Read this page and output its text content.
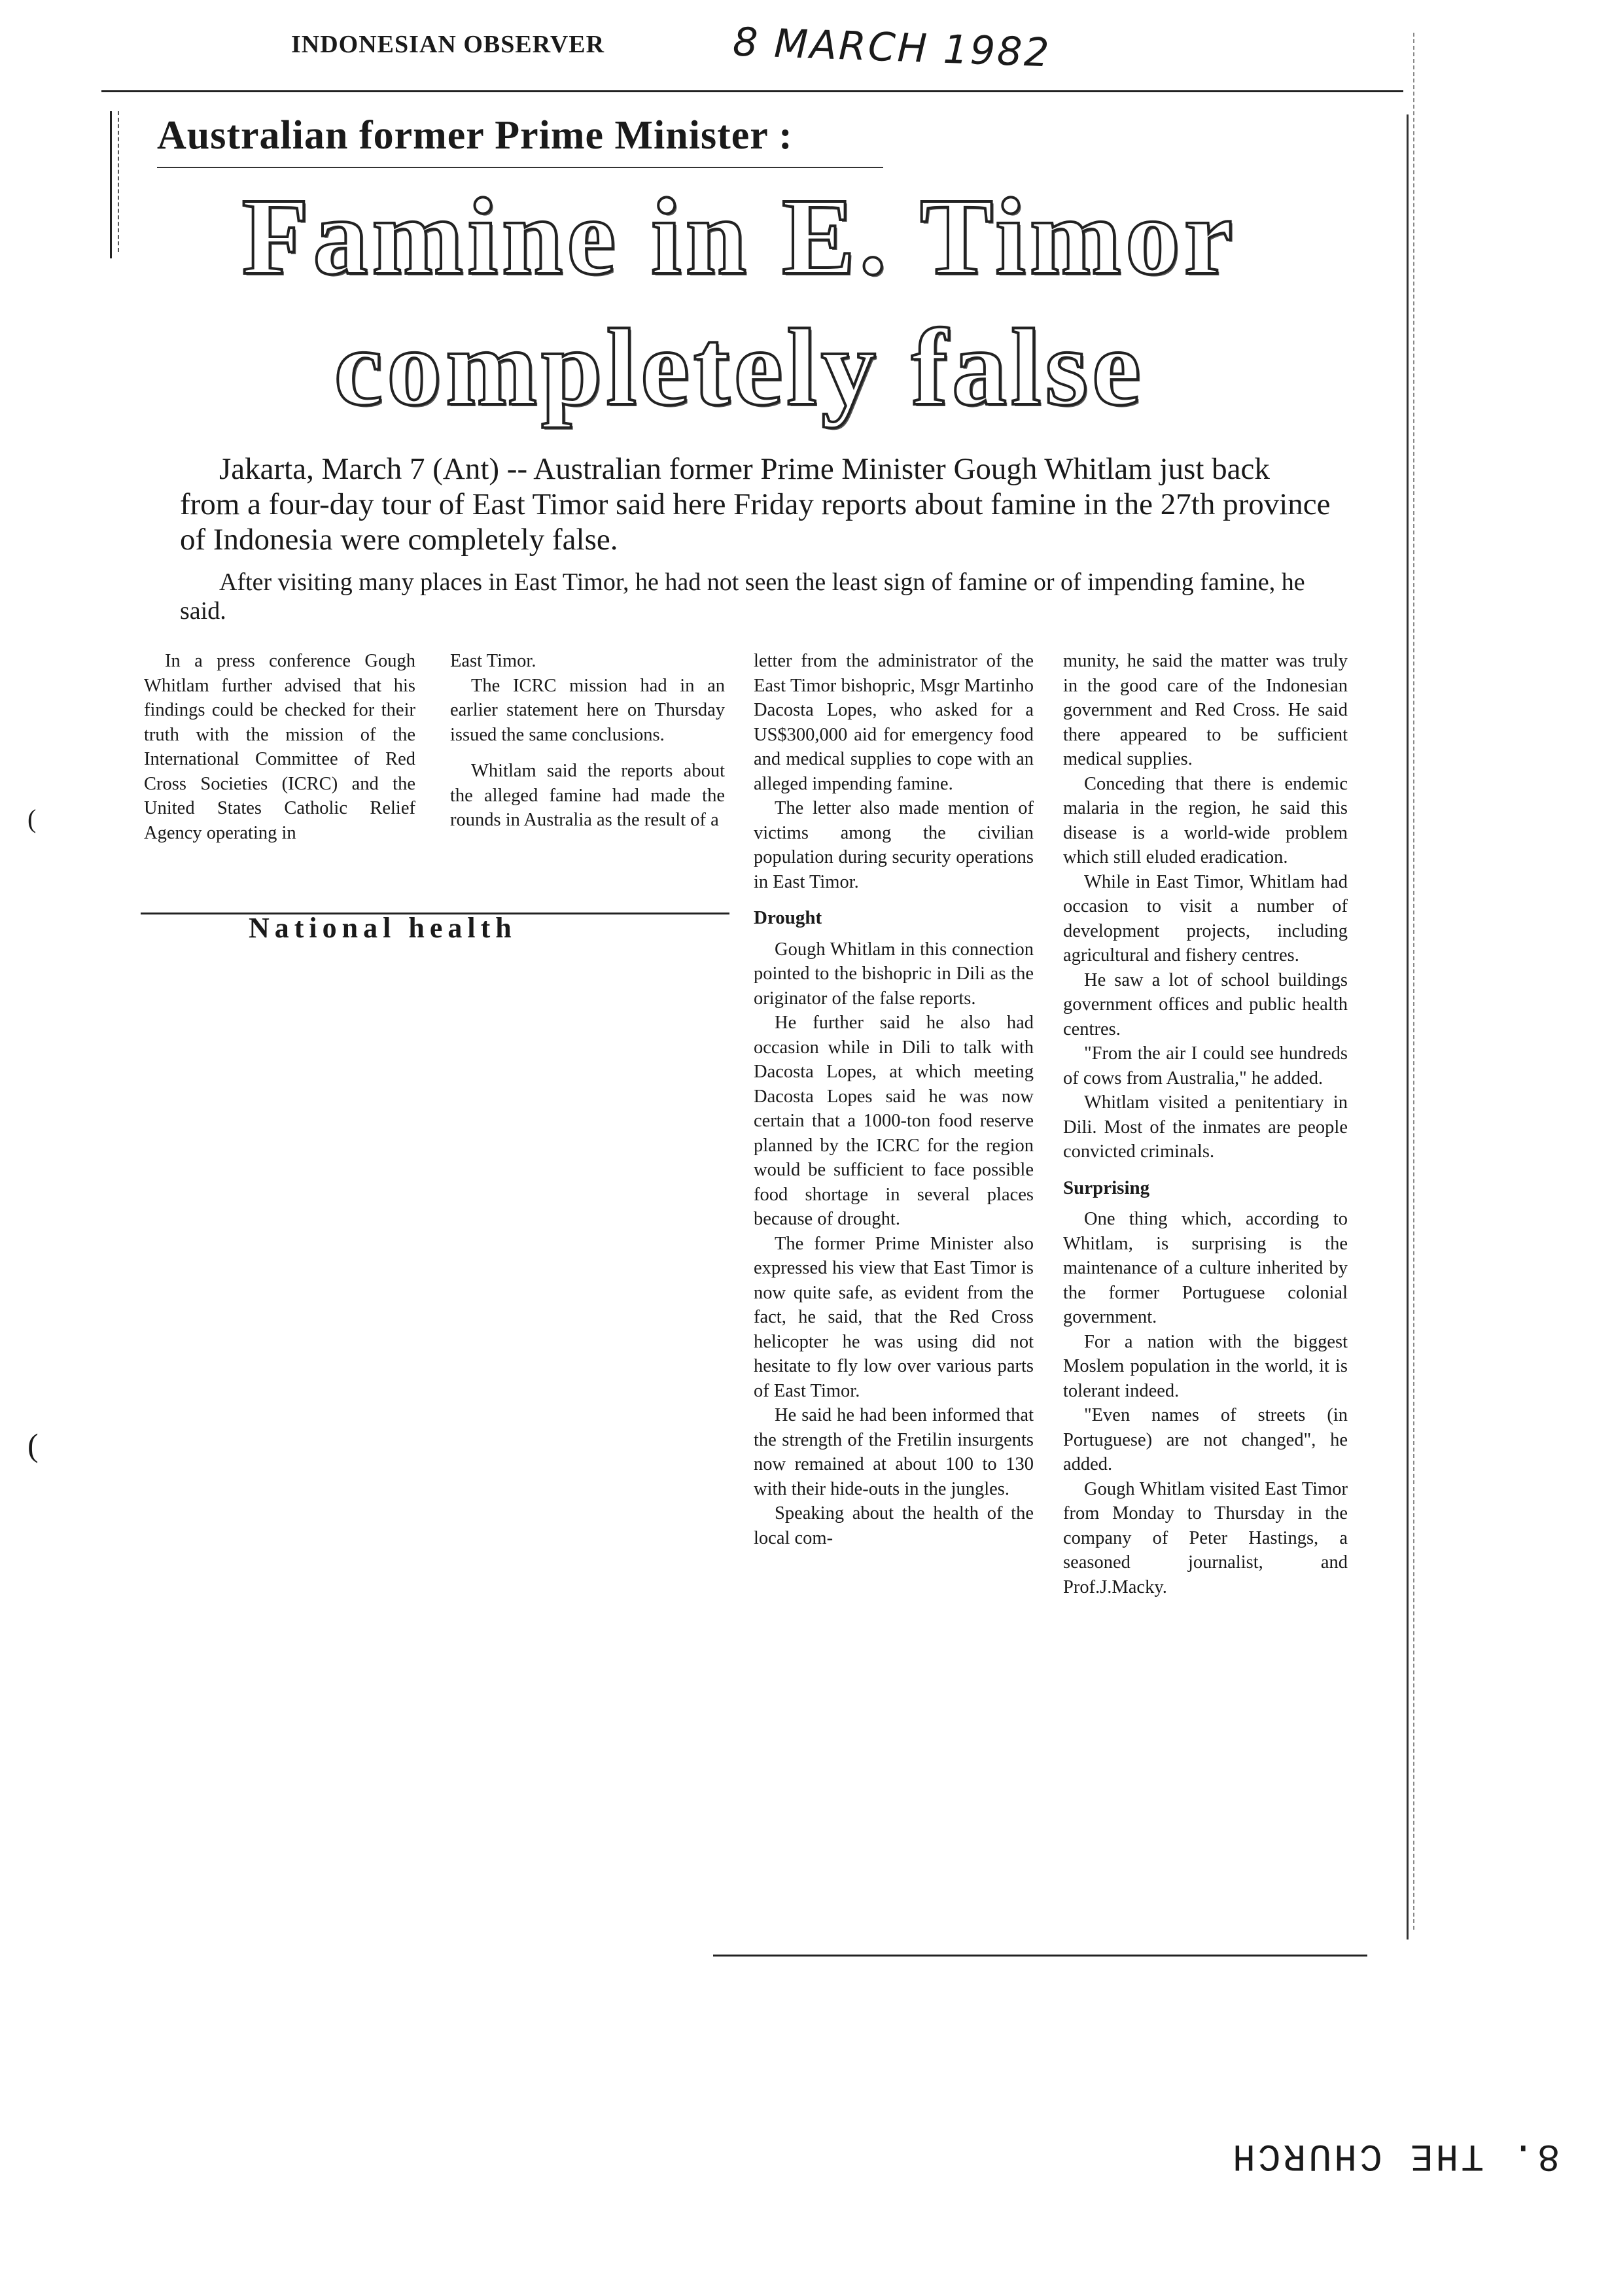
INDONESIAN OBSERVER	8 MARCH 1982
Australian former Prime Minister :
Famine in E. Timor
completely false
Jakarta, March 7 (Ant) -- Australian former Prime Minister Gough Whitlam just back from a four-day tour of East Timor said here Friday reports about famine in the 27th province of Indonesia were completely false.
After visiting many places in East Timor, he had not seen the least sign of famine or of impending famine, he said.

In a press conference Gough Whitlam further advised that his findings could be checked for their truth with the mission of the International Committee of Red Cross Societies (ICRC) and the United States Catholic Relief Agency operating in

East Timor.

The ICRC mission had in an earlier statement here on Thursday issued the same conclusions.

Whitlam said the reports about the alleged famine had made the rounds in Australia as the result of a

National health

letter from the administrator of the East Timor bishopric, Msgr Martinho Dacosta Lopes, who asked for a US$300,000 aid for emergency food and medical supplies to cope with an alleged impending famine.

The letter also made mention of victims among the civilian population during security operations in East Timor.

Drought

Gough Whitlam in this connection pointed to the bishopric in Dili as the originator of the false reports.

He further said he also had occasion while in Dili to talk with Dacosta Lopes, at which meeting Dacosta Lopes said he was now certain that a 1000-ton food reserve planned by the ICRC for the region would be sufficient to face possible food shortage in several places because of drought.

The former Prime Minister also expressed his view that East Timor is now quite safe, as evident from the fact, he said, that the Red Cross helicopter he was using did not hesitate to fly low over various parts of East Timor.

He said he had been informed that the strength of the Fretilin insurgents now remained at about 100 to 130 with their hide-outs in the jungles.

Speaking about the health of the local com-

munity, he said the matter was truly in the good care of the Indonesian government and Red Cross. He said there appeared to be sufficient medical supplies.

Conceding that there is endemic malaria in the region, he said this disease is a world-wide problem which still eluded eradication.

While in East Timor, Whitlam had occasion to visit a number of development projects, including agricultural and fishery centres.

He saw a lot of school buildings government offices and public health centres.

"From the air I could see hundreds of cows from Australia," he added.

Whitlam visited a penitentiary in Dili. Most of the inmates are people convicted criminals.

Surprising

One thing which, according to Whitlam, is surprising is the maintenance of a culture inherited by the former Portuguese colonial government.

For a nation with the biggest Moslem population in the world, it is tolerant indeed.

"Even names of streets (in Portuguese) are not changed", he added.

Gough Whitlam visited East Timor from Monday to Thursday in the company of Peter Hastings, a seasoned journalist, and Prof.J.Macky.

(
(
8. THE CHURCH
